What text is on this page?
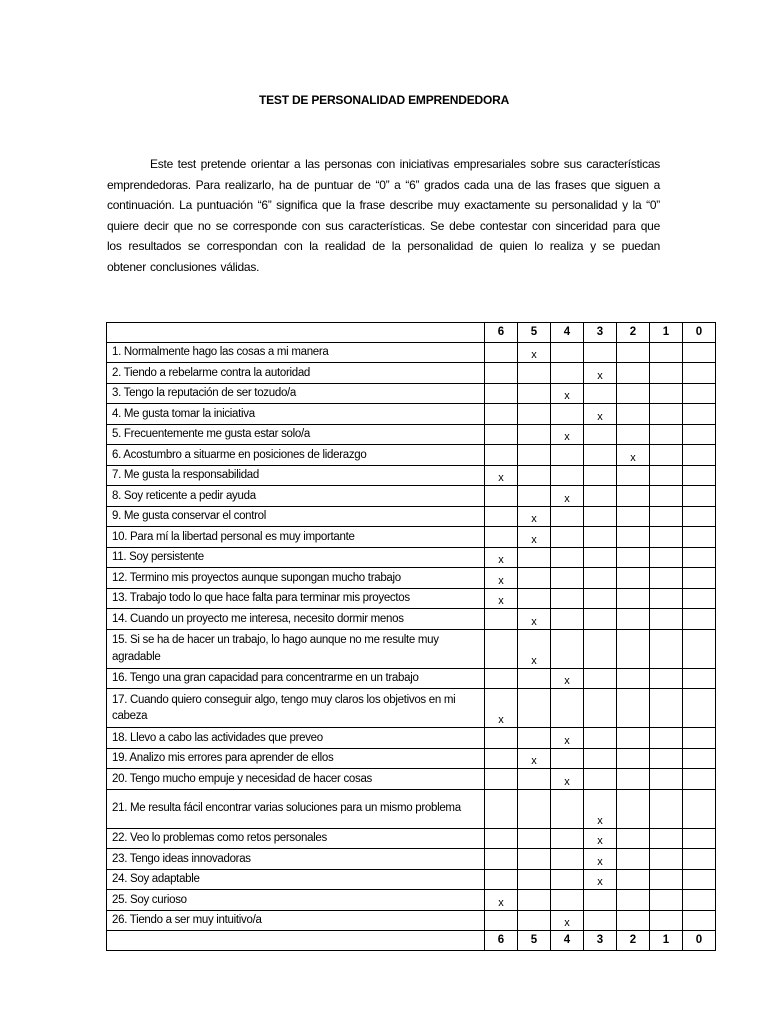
TEST DE PERSONALIDAD EMPRENDEDORA
Este test pretende orientar a las personas con iniciativas empresariales sobre sus características emprendedoras. Para realizarlo, ha de puntuar de “0” a “6” grados cada una de las frases que siguen a continuación. La puntuación “6” significa que la frase describe muy exactamente su personalidad y la “0” quiere decir que no se corresponde con sus características. Se debe contestar con sinceridad para que los resultados se correspondan con la realidad de la personalidad de quien lo realiza y se puedan obtener conclusiones válidas.
	6	5	4	3	2	1	0
1. Normalmente hago las cosas a mi manera		x					
2. Tiendo a rebelarme contra la autoridad				x			
3. Tengo la reputación de ser tozudo/a			x				
4. Me gusta tomar la iniciativa				x			
5. Frecuentemente me gusta estar solo/a			x				
6. Acostumbro a situarme en posiciones de liderazgo					x		
7. Me gusta la responsabilidad	x						
8. Soy reticente a pedir ayuda			x				
9. Me gusta conservar el control		x					
10. Para mí la libertad personal es muy importante		x					
11. Soy persistente	x						
12. Termino mis proyectos aunque supongan mucho trabajo	x						
13. Trabajo todo lo que hace falta para terminar mis proyectos	x						
14. Cuando un proyecto me interesa, necesito dormir menos		x					
15. Si se ha de hacer un trabajo, lo hago aunque no me resulte muy agradable		x					
16. Tengo una gran capacidad para concentrarme en un trabajo			x				
17. Cuando quiero conseguir algo, tengo muy claros los objetivos en mi cabeza	x						
18. Llevo a cabo las actividades que preveo			x				
19. Analizo mis errores para aprender de ellos		x					
20. Tengo mucho empuje y necesidad de hacer cosas			x				
21. Me resulta fácil encontrar varias soluciones para un mismo problema				x			
22. Veo lo problemas como retos personales				x			
23. Tengo ideas innovadoras				x			
24. Soy adaptable				x			
25. Soy curioso	x						
26. Tiendo a ser muy intuitivo/a			x				
	6	5	4	3	2	1	0
